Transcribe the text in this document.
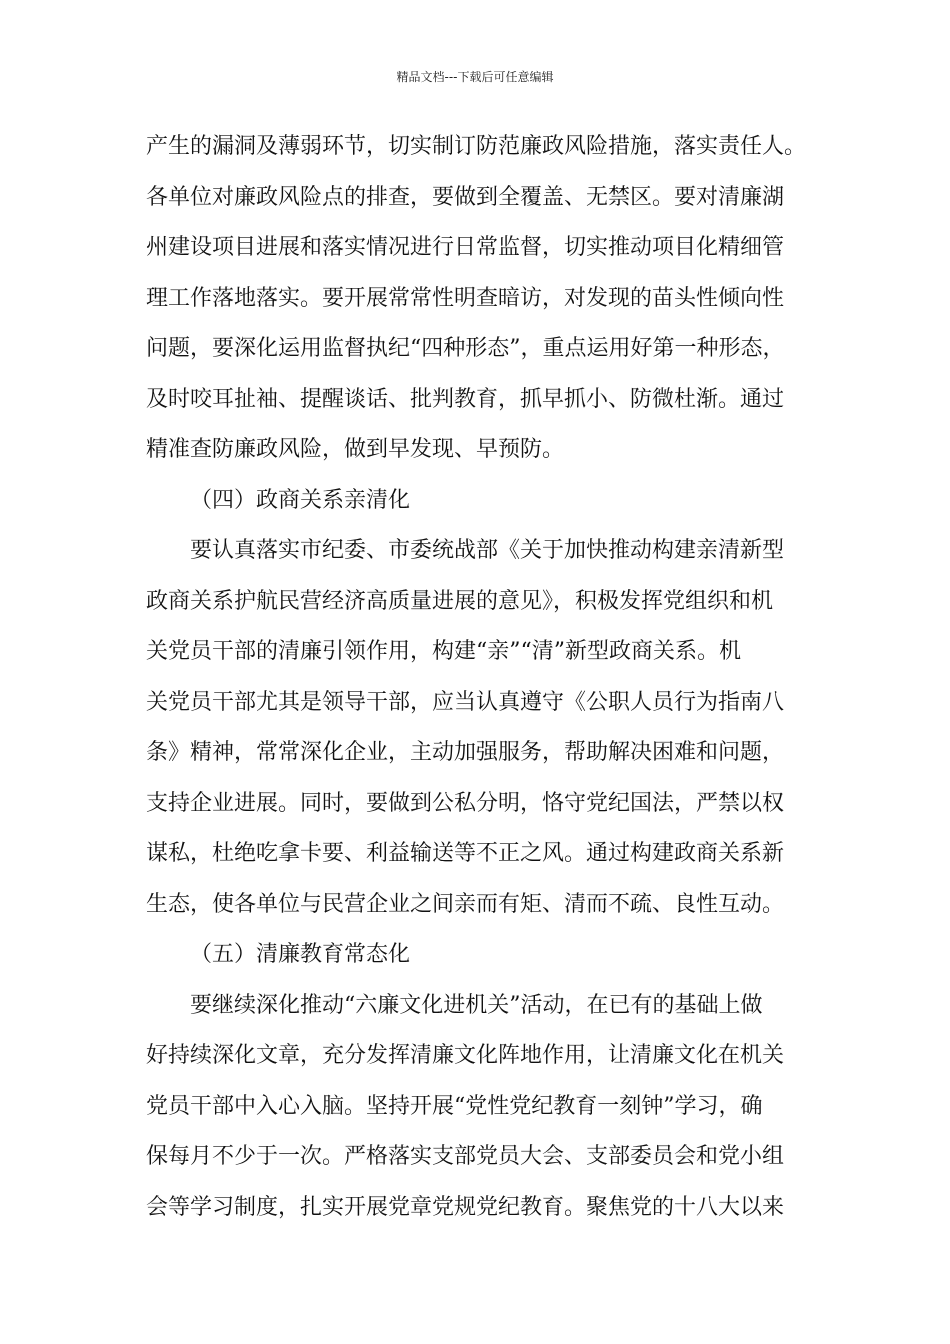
精品文档---下载后可任意编辑
产生的漏洞及薄弱环节，切实制订防范廉政风险措施，落实责任人。
各单位对廉政风险点的排查，要做到全覆盖、无禁区。要对清廉湖
州建设项目进展和落实情况进行日常监督，切实推动项目化精细管
理工作落地落实。要开展常常性明查暗访，对发现的苗头性倾向性
问题，要深化运用监督执纪“四种形态”，重点运用好第一种形态，
及时咬耳扯袖、提醒谈话、批判教育，抓早抓小、防微杜渐。通过
精准查防廉政风险，做到早发现、早预防。
（四）政商关系亲清化
要认真落实市纪委、市委统战部《关于加快推动构建亲清新型
政商关系护航民营经济高质量进展的意见》，积极发挥党组织和机
关党员干部的清廉引领作用，构建“亲”“清”新型政商关系。机
关党员干部尤其是领导干部，应当认真遵守《公职人员行为指南八
条》精神，常常深化企业，主动加强服务，帮助解决困难和问题，
支持企业进展。同时，要做到公私分明，恪守党纪国法，严禁以权
谋私，杜绝吃拿卡要、利益输送等不正之风。通过构建政商关系新
生态，使各单位与民营企业之间亲而有矩、清而不疏、良性互动。
（五）清廉教育常态化
要继续深化推动“六廉文化进机关”活动，在已有的基础上做
好持续深化文章，充分发挥清廉文化阵地作用，让清廉文化在机关
党员干部中入心入脑。坚持开展“党性党纪教育一刻钟”学习，确
保每月不少于一次。严格落实支部党员大会、支部委员会和党小组
会等学习制度，扎实开展党章党规党纪教育。聚焦党的十八大以来
